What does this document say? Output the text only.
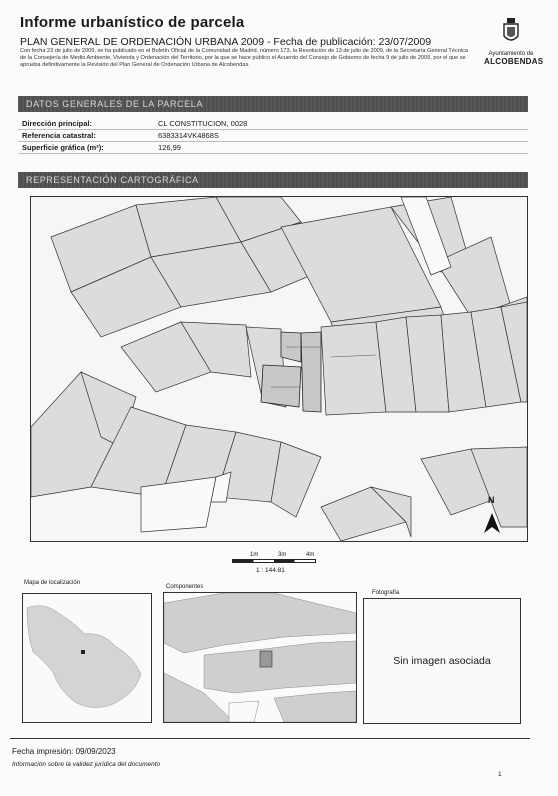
Informe urbanístico de parcela
PLAN GENERAL DE ORDENACIÓN URBANA 2009 - Fecha de publicación: 23/07/2009
Con fecha 23 de julio de 2009, se ha publicado en el Boletín Oficial de la Comunidad de Madrid, número 173, la Resolución de 13 de julio de 2009, de la Secretaría General Técnica de la Consejería de Medio Ambiente, Vivienda y Ordenación del Territorio, por la que se hace público el Acuerdo del Consejo de Gobierno de fecha 9 de julio de 2009, por el que se aprueba definitivamente la Revisión del Plan General de Ordenación Urbana de Alcobendas.
Ayuntamiento de
ALCOBENDAS
DATOS GENERALES DE LA PARCELA
Dirección principal:	CL CONSTITUCION, 0028
Referencia catastral:	6383314VK4868S
Superficie gráfica (m²):	126,99
REPRESENTACIÓN CARTOGRÁFICA
N
1m	3m	4m
1 : 144.81
Mapa de localización
Componentes
Fotografía
Sin imagen asociada
Fecha impresión: 09/09/2023
Información sobre la validez jurídica del documento
1
